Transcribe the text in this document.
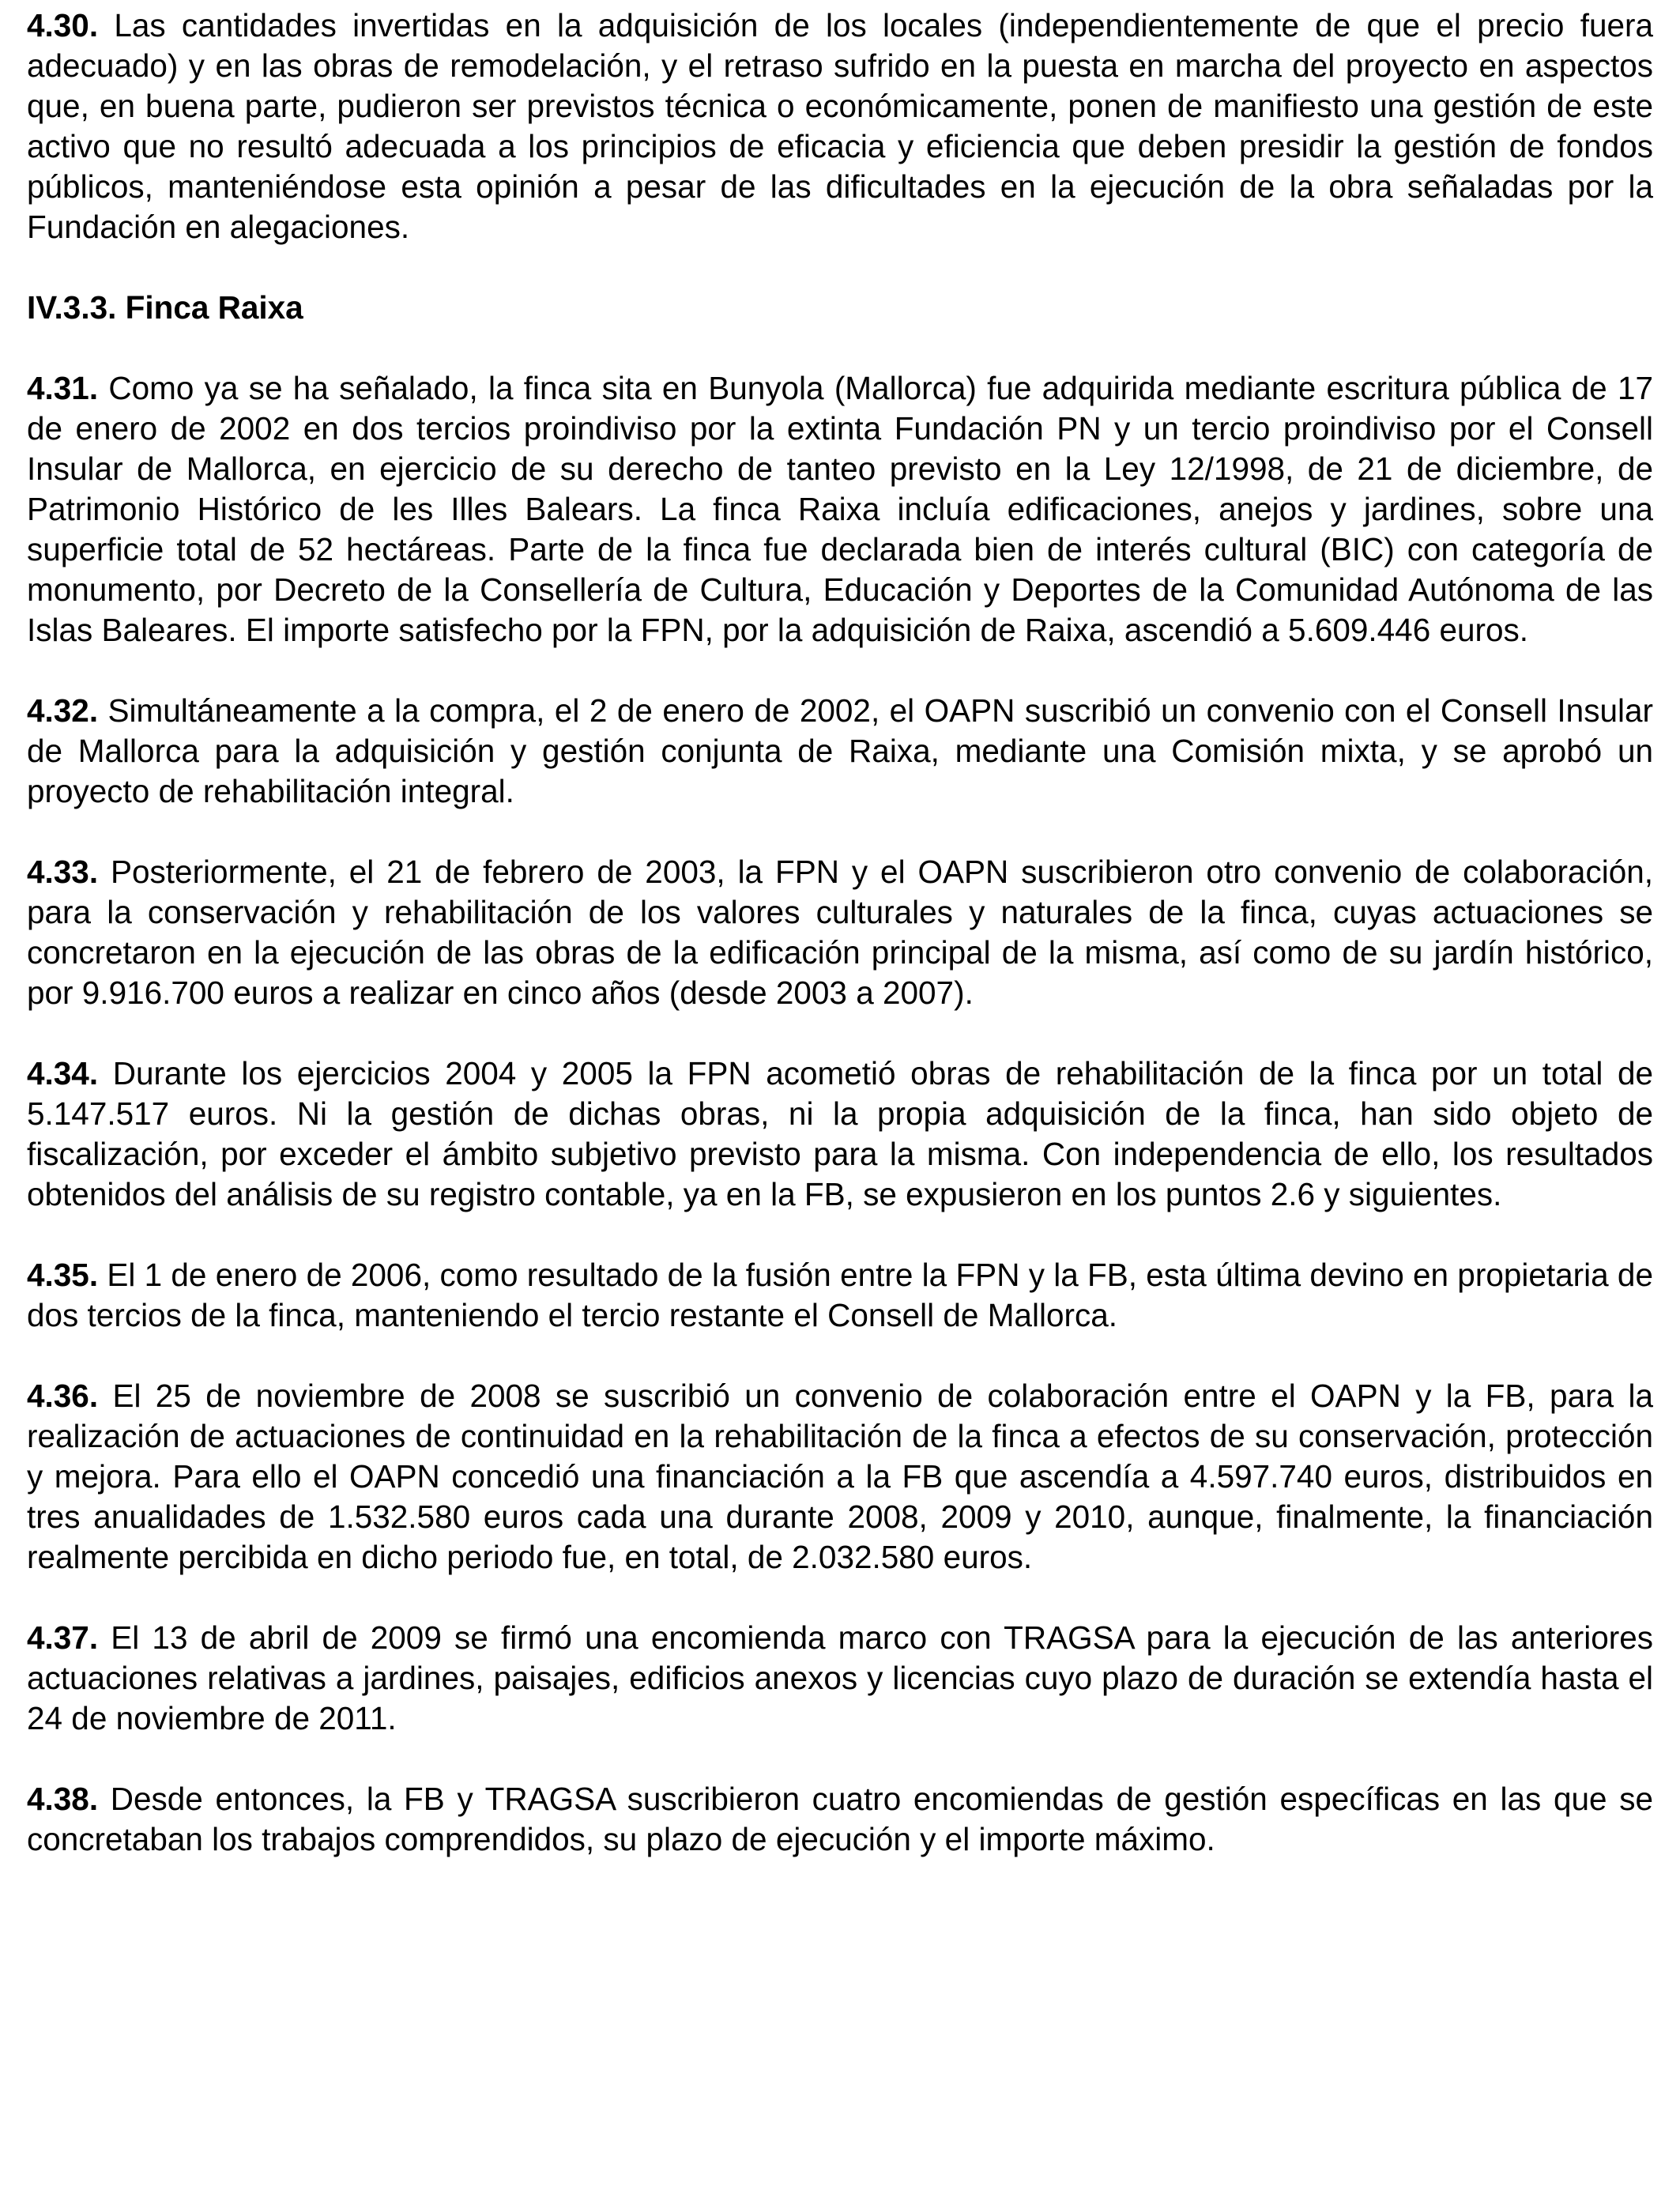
4.30. Las cantidades invertidas en la adquisición de los locales (independientemente de que el precio fuera adecuado) y en las obras de remodelación, y el retraso sufrido en la puesta en marcha del proyecto en aspectos que, en buena parte, pudieron ser previstos técnica o económicamente, ponen de manifiesto una gestión de este activo que no resultó adecuada a los principios de eficacia y eficiencia que deben presidir la gestión de fondos públicos, manteniéndose esta opinión a pesar de las dificultades en la ejecución de la obra señaladas por la Fundación en alegaciones.

IV.3.3. Finca Raixa

4.31. Como ya se ha señalado, la finca sita en Bunyola (Mallorca) fue adquirida mediante escritura pública de 17 de enero de 2002 en dos tercios proindiviso por la extinta Fundación PN y un tercio proindiviso por el Consell Insular de Mallorca, en ejercicio de su derecho de tanteo previsto en la Ley 12/1998, de 21 de diciembre, de Patrimonio Histórico de les Illes Balears. La finca Raixa incluía edificaciones, anejos y jardines, sobre una superficie total de 52 hectáreas. Parte de la finca fue declarada bien de interés cultural (BIC) con categoría de monumento, por Decreto de la Consellería de Cultura, Educación y Deportes de la Comunidad Autónoma de las Islas Baleares. El importe satisfecho por la FPN, por la adquisición de Raixa, ascendió a 5.609.446 euros.

4.32. Simultáneamente a la compra, el 2 de enero de 2002, el OAPN suscribió un convenio con el Consell Insular de Mallorca para la adquisición y gestión conjunta de Raixa, mediante una Comisión mixta, y se aprobó un proyecto de rehabilitación integral.

4.33. Posteriormente, el 21 de febrero de 2003, la FPN y el OAPN suscribieron otro convenio de colaboración, para la conservación y rehabilitación de los valores culturales y naturales de la finca, cuyas actuaciones se concretaron en la ejecución de las obras de la edificación principal de la misma, así como de su jardín histórico, por 9.916.700 euros a realizar en cinco años (desde 2003 a 2007).

4.34. Durante los ejercicios 2004 y 2005 la FPN acometió obras de rehabilitación de la finca por un total de 5.147.517 euros. Ni la gestión de dichas obras, ni la propia adquisición de la finca, han sido objeto de fiscalización, por exceder el ámbito subjetivo previsto para la misma. Con independencia de ello, los resultados obtenidos del análisis de su registro contable, ya en la FB, se expusieron en los puntos 2.6 y siguientes.

4.35. El 1 de enero de 2006, como resultado de la fusión entre la FPN y la FB, esta última devino en propietaria de dos tercios de la finca, manteniendo el tercio restante el Consell de Mallorca.

4.36. El 25 de noviembre de 2008 se suscribió un convenio de colaboración entre el OAPN y la FB, para la realización de actuaciones de continuidad en la rehabilitación de la finca a efectos de su conservación, protección y mejora. Para ello el OAPN concedió una financiación a la FB que ascendía a 4.597.740 euros, distribuidos en tres anualidades de 1.532.580 euros cada una durante 2008, 2009 y 2010, aunque, finalmente, la financiación realmente percibida en dicho periodo fue, en total, de 2.032.580 euros.

4.37. El 13 de abril de 2009 se firmó una encomienda marco con TRAGSA para la ejecución de las anteriores actuaciones relativas a jardines, paisajes, edificios anexos y licencias cuyo plazo de duración se extendía hasta el 24 de noviembre de 2011.

4.38. Desde entonces, la FB y TRAGSA suscribieron cuatro encomiendas de gestión específicas en las que se concretaban los trabajos comprendidos, su plazo de ejecución y el importe máximo.
